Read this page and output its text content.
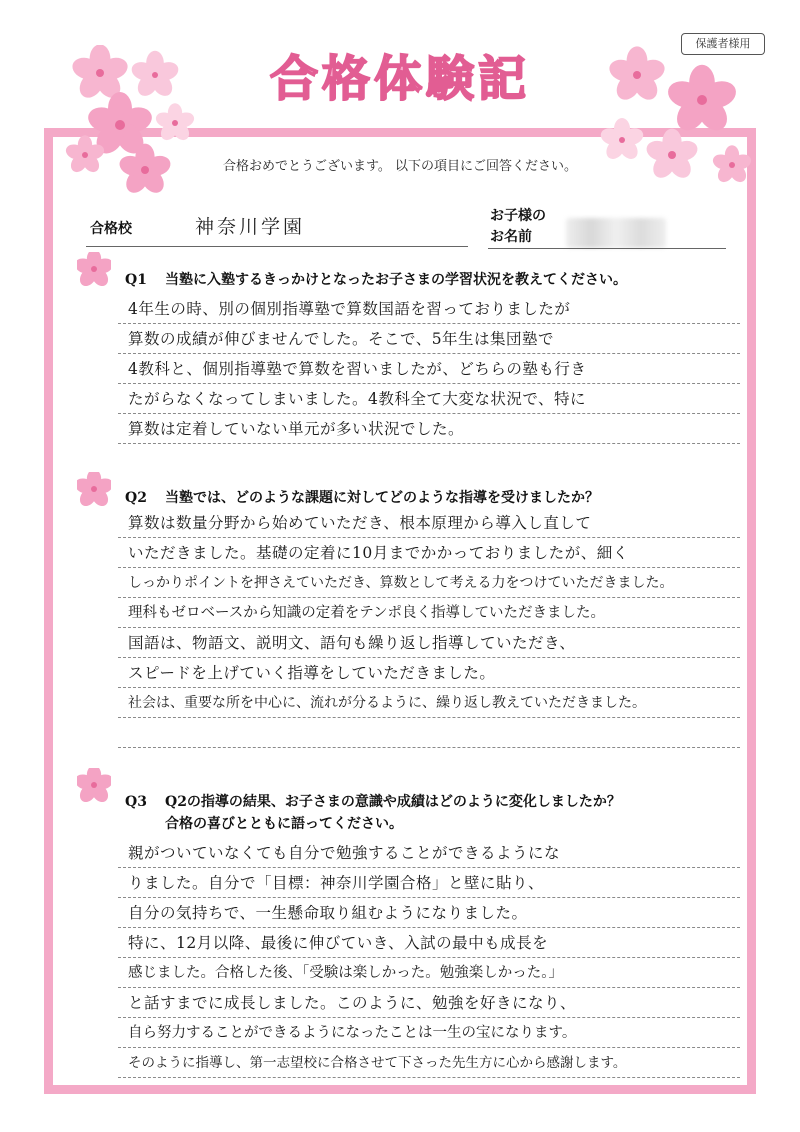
保護者様用
合格体験記
合格おめでとうございます。 以下の項目にご回答ください。
合格校	神奈川学園	お子様の
お名前
Q1 当塾に入塾するきっかけとなったお子さまの学習状況を教えてください。
4年生の時、別の個別指導塾で算数国語を習っておりましたが
算数の成績が伸びませんでした。そこで、5年生は集団塾で
4教科と、個別指導塾で算数を習いましたが、どちらの塾も行き
たがらなくなってしまいました。4教科全て大変な状況で、特に
算数は定着していない単元が多い状況でした。
Q2 当塾では、どのような課題に対してどのような指導を受けましたか？
算数は数量分野から始めていただき、根本原理から導入し直して
いただきました。基礎の定着に10月までかかっておりましたが、細く
しっかりポイントを押さえていただき、算数として考える力をつけていただきました。
理科もゼロベースから知識の定着をテンポ良く指導していただきました。
国語は、物語文、説明文、語句も繰り返し指導していただき、
スピードを上げていく指導をしていただきました。
社会は、重要な所を中心に、流れが分るように、繰り返し教えていただきました。
Q3 Q2の指導の結果、お子さまの意識や成績はどのように変化しましたか？
合格の喜びとともに語ってください。
親がついていなくても自分で勉強することができるようにな
りました。自分で「目標：神奈川学園合格」と壁に貼り、
自分の気持ちで、一生懸命取り組むようになりました。
特に、12月以降、最後に伸びていき、入試の最中も成長を
感じました。合格した後、「受験は楽しかった。勉強楽しかった。」
と話すまでに成長しました。このように、勉強を好きになり、
自ら努力することができるようになったことは一生の宝になります。
そのように指導し、第一志望校に合格させて下さった先生方に心から感謝します。
